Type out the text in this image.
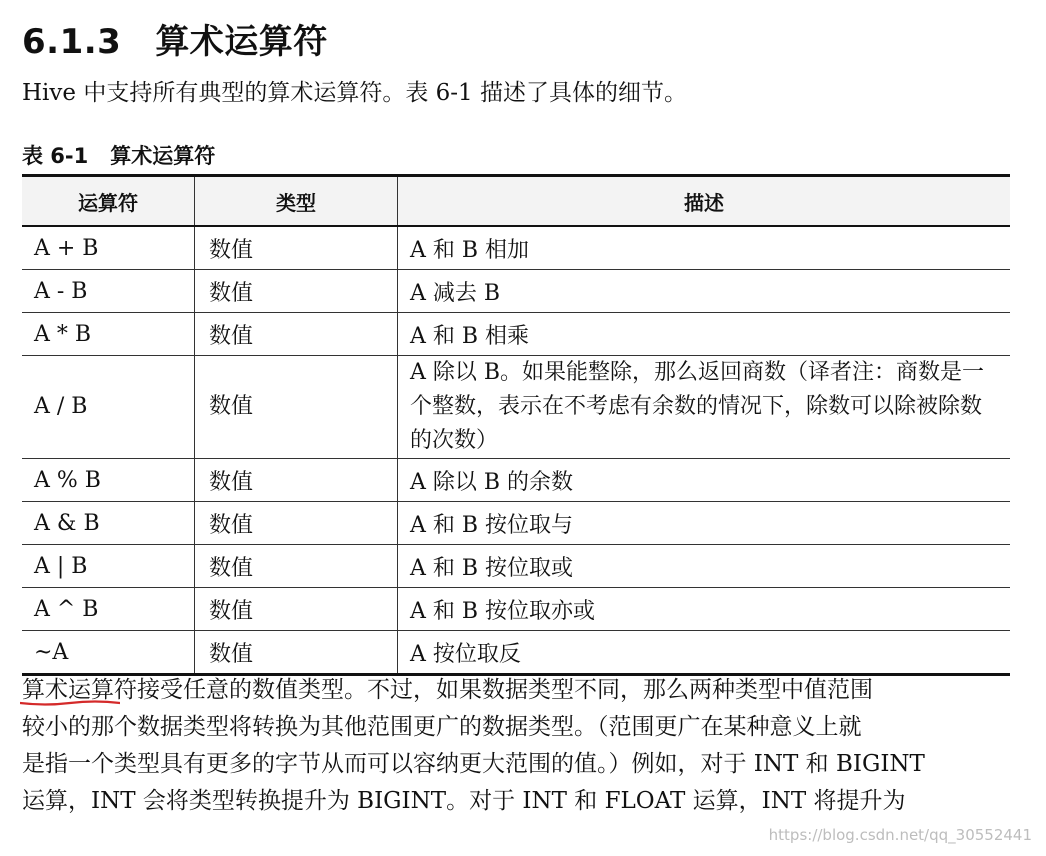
6.1.3 算术运算符
Hive 中支持所有典型的算术运算符。表 6-1 描述了具体的细节。
表 6-1 算术运算符
运算符	类型	描述
A + B	数值	A 和 B 相加
A - B	数值	A 减去 B
A * B	数值	A 和 B 相乘
A / B	数值	A 除以 B。如果能整除，那么返回商数（译者注：商数是一个整数，表示在不考虑有余数的情况下，除数可以除被除数的次数）
A % B	数值	A 除以 B 的余数
A & B	数值	A 和 B 按位取与
A | B	数值	A 和 B 按位取或
A ^ B	数值	A 和 B 按位取亦或
~A	数值	A 按位取反
算术运算符接受任意的数值类型
。不过，如果数据类型不同，那么两种类型中值范围
较小的那个数据类型将转换为其他范围更广的数据类型。（范围更广在某种意义上就
是指一个类型具有更多的字节从而可以容纳更大范围的值。）例如，对于 INT 和 BIGINT
运算，INT 会将类型转换提升为 BIGINT。对于 INT 和 FLOAT 运算，INT 将提升为
https://blog.csdn.net/qq_30552441
